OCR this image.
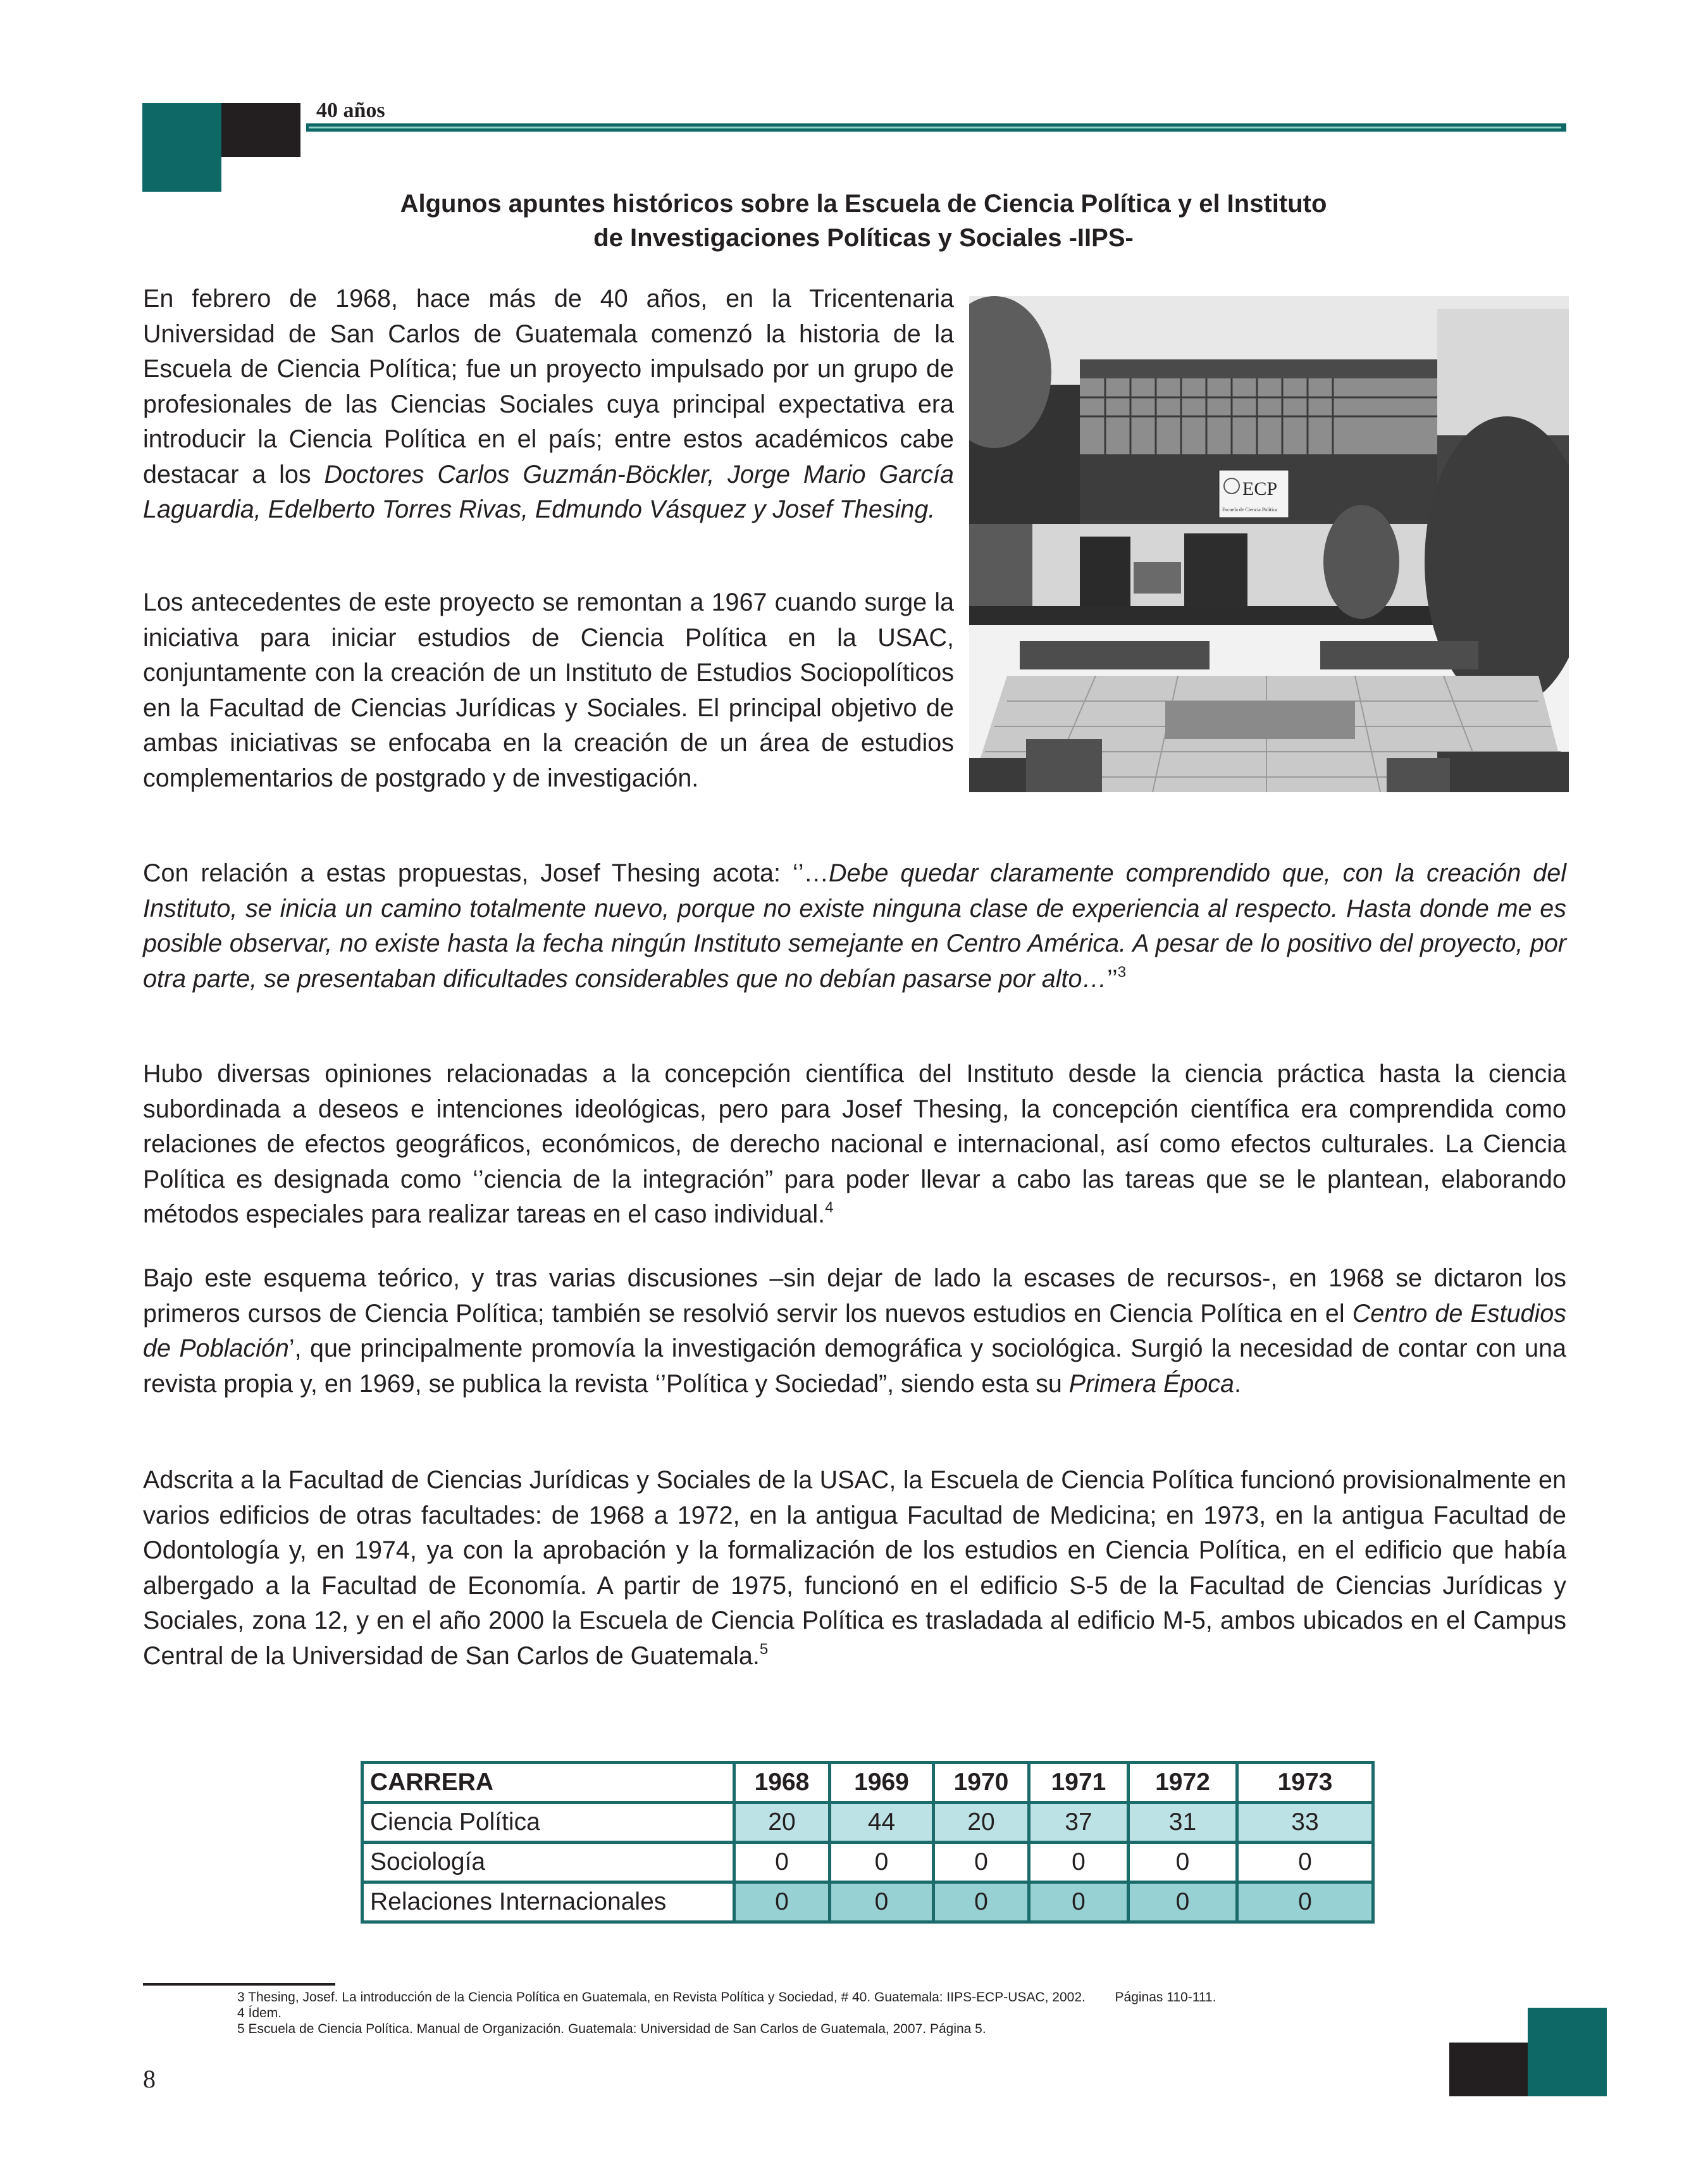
40 años
Algunos apuntes históricos sobre la Escuela de Ciencia Política y el Instituto
de Investigaciones Políticas y Sociales -IIPS-

En febrero de 1968, hace más de 40 años, en la Tricentenaria Universidad de San Carlos de Guatemala comenzó la historia de la Escuela de Ciencia Política; fue un proyecto impulsado por un grupo de profesionales de las Ciencias Sociales cuya principal expectativa era introducir la Ciencia Política en el país; entre estos académicos cabe destacar a los Doctores Carlos Guzmán-Böckler, Jorge Mario García Laguardia, Edelberto Torres Rivas, Edmundo Vásquez y Josef Thesing.

ECP
Escuela de Ciencia Política

Los antecedentes de este proyecto se remontan a 1967 cuando surge la iniciativa para iniciar estudios de Ciencia Política en la USAC, conjuntamente con la creación de un Instituto de Estudios Sociopolíticos en la Facultad de Ciencias Jurídicas y Sociales. El principal objetivo de ambas iniciativas se enfocaba en la creación de un área de estudios complementarios de postgrado y de investigación.

Con relación a estas propuestas, Josef Thesing acota: ‘’…Debe quedar claramente comprendido que, con la creación del Instituto, se inicia un camino totalmente nuevo, porque no existe ninguna clase de experiencia al respecto. Hasta donde me es posible observar, no existe hasta la fecha ningún Instituto semejante en Centro América. A pesar de lo positivo del proyecto, por otra parte, se presentaban dificultades considerables que no debían pasarse por alto…’’$^3$

Hubo diversas opiniones relacionadas a la concepción científica del Instituto desde la ciencia práctica hasta la ciencia subordinada a deseos e intenciones ideológicas, pero para Josef Thesing, la concepción científica era comprendida como relaciones de efectos geográficos, económicos, de derecho nacional e internacional, así como efectos culturales. La Ciencia Política es designada como ‘’ciencia de la integración” para poder llevar a cabo las tareas que se le plantean, elaborando métodos especiales para realizar tareas en el caso individual.$^4$

Bajo este esquema teórico, y tras varias discusiones –sin dejar de lado la escases de recursos-, en 1968 se dictaron los primeros cursos de Ciencia Política; también se resolvió servir los nuevos estudios en Ciencia Política en el Centro de Estudios de Población’, que principalmente promovía la investigación demográfica y sociológica. Surgió la necesidad de contar con una revista propia y, en 1969, se publica la revista ‘’Política y Sociedad”, siendo esta su Primera Época.

Adscrita a la Facultad de Ciencias Jurídicas y Sociales de la USAC, la Escuela de Ciencia Política funcionó provisionalmente en varios edificios de otras facultades: de 1968 a 1972, en la antigua Facultad de Medicina; en 1973, en la antigua Facultad de Odontología y, en 1974, ya con la aprobación y la formalización de los estudios en Ciencia Política, en el edificio que había albergado a la Facultad de Economía. A partir de 1975, funcionó en el edificio S-5 de la Facultad de Ciencias Jurídicas y Sociales, zona 12, y en el año 2000 la Escuela de Ciencia Política es trasladada al edificio M-5, ambos ubicados en el Campus Central de la Universidad de San Carlos de Guatemala.$^5$

CARRERA	1968	1969	1970	1971	1972	1973
Ciencia Política	20	44	20	37	31	33
Sociología	0	0	0	0	0	0
Relaciones Internacionales	0	0	0	0	0	0
3 Thesing, Josef. La introducción de la Ciencia Política en Guatemala, en Revista Política y Sociedad, # 40. Guatemala: IIPS-ECP-USAC, 2002.        Páginas 110-111.
4 Ídem.
5 Escuela de Ciencia Política. Manual de Organización. Guatemala: Universidad de San Carlos de Guatemala, 2007. Página 5.
8
